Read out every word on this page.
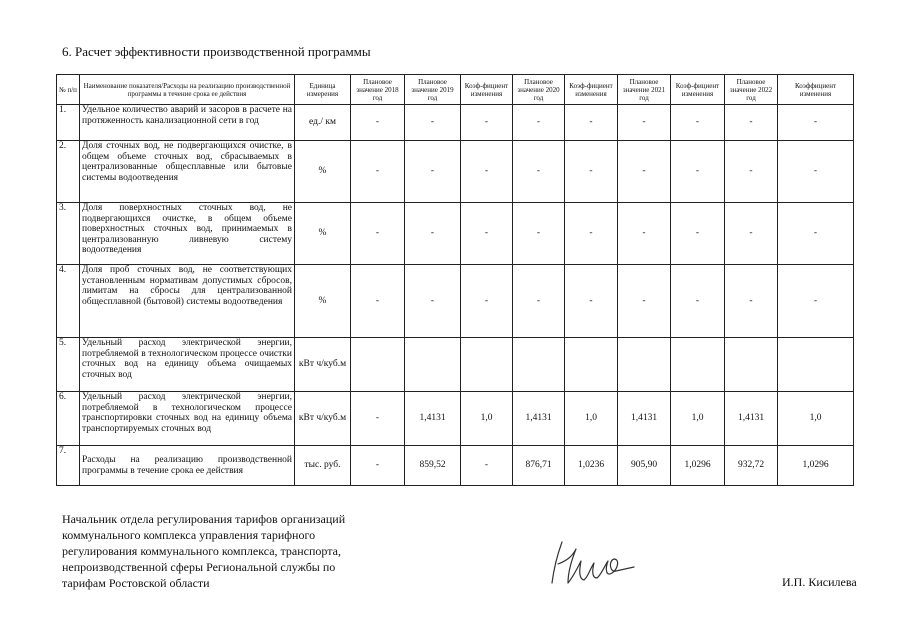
6. Расчет эффективности производственной программы
№ п/п	Наименование показателя/Расходы на реализацию производственной программы в течение срока ее действия	Единица измерения	Плановое значение 2018 год	Плановое значение 2019 год	Коэф-фициент изменения	Плановое значение 2020 год	Коэф-фициент изменения	Плановое значение 2021 год	Коэф-фициент изменения	Плановое значение 2022 год	Коэффициент изменения
1.	Удельное количество аварий и засоров в расчете на протяженность канализационной сети в год	ед./ км	-	-	-	-	-	-	-	-	-
2.	Доля сточных вод, не подвергающихся очистке, в общем объеме сточных вод, сбрасываемых в централизованные общесплавные или бытовые системы водоотведения	%	-	-	-	-	-	-	-	-	-
3.	Доля поверхностных сточных вод, не подвергающихся очистке, в общем объеме поверхностных сточных вод, принимаемых в централизованную ливневую систему водоотведения	%	-	-	-	-	-	-	-	-	-
4.	Доля проб сточных вод, не соответствующих установленным нормативам допустимых сбросов, лимитам на сбросы для централизованной общесплавной (бытовой) системы водоотведения	%	-	-	-	-	-	-	-	-	-
5.	Удельный расход электрической энергии, потребляемой в технологическом процессе очистки сточных вод на единицу объема очищаемых сточных вод	кВт ч/куб.м									
6.	Удельный расход электрической энергии, потребляемой в технологическом процессе транспортировки сточных вод на единицу объема транспортируемых сточных вод	кВт ч/куб.м	-	1,4131	1,0	1,4131	1,0	1,4131	1,0	1,4131	1,0
7.	Расходы на реализацию производственной программы в течение срока ее действия	тыс. руб.	-	859,52	-	876,71	1,0236	905,90	1,0296	932,72	1,0296
Начальник отдела регулирования тарифов организаций
коммунального комплекса управления тарифного
регулирования коммунального комплекса, транспорта,
непроизводственной сферы Региональной службы по
тарифам Ростовской области	И.П. Кисилева
